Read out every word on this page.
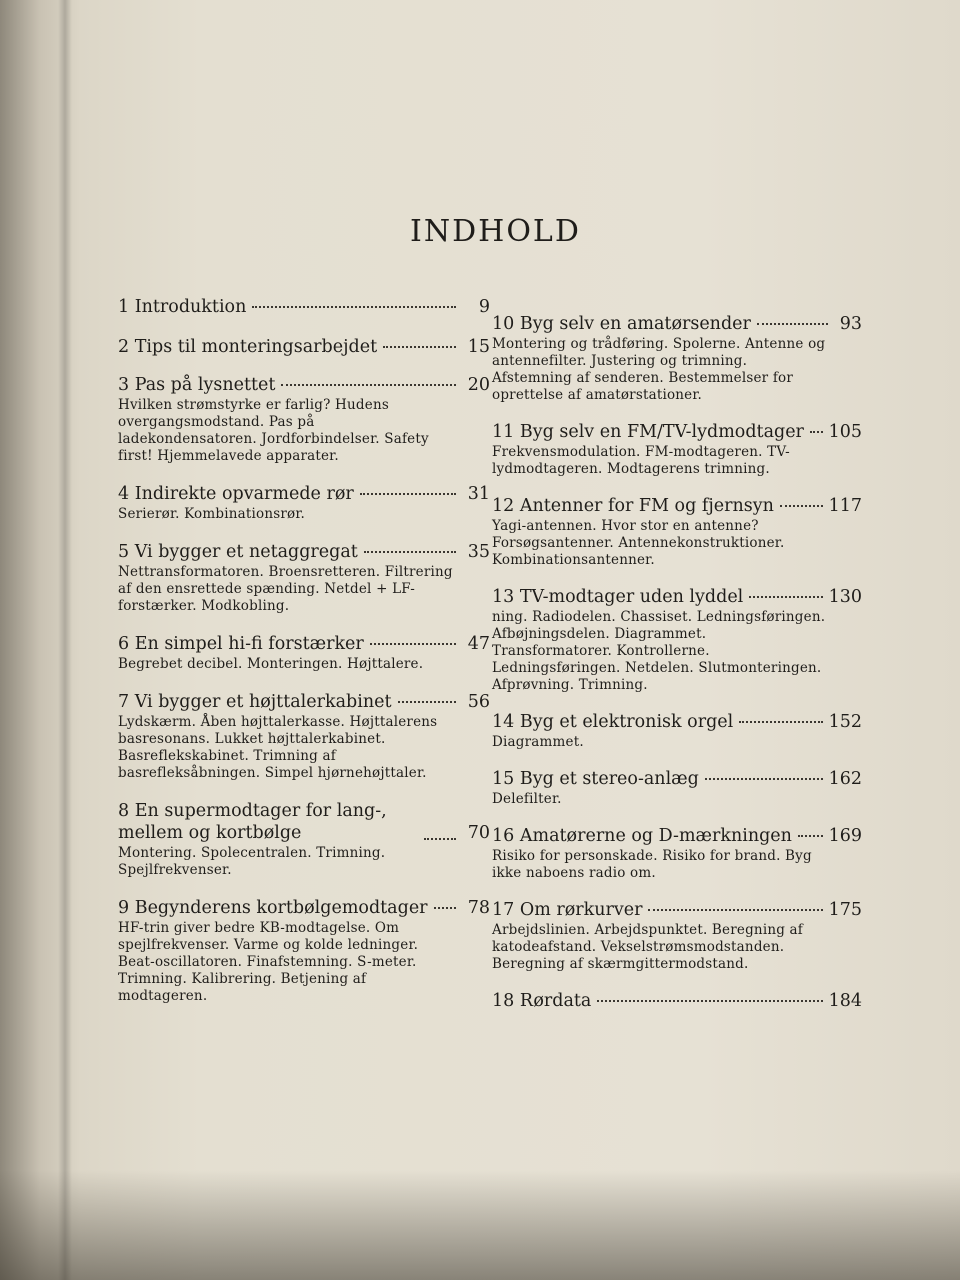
INDHOLD
1 Introduktion	9
2 Tips til monteringsarbejdet	15
3 Pas på lysnettet	20
Hvilken strømstyrke er farlig? Hudens overgangsmodstand. Pas på ladekondensatoren. Jordforbindelser. Safety first! Hjemmelavede apparater.
4 Indirekte opvarmede rør	31
Serierør. Kombinationsrør.
5 Vi bygger et netaggregat	35
Nettransformatoren. Broensretteren. Filtrering af den ensrettede spænding. Netdel + LF-forstærker. Modkobling.
6 En simpel hi-fi forstærker	47
Begrebet decibel. Monteringen. Højttalere.
7 Vi bygger et højttalerkabinet	56
Lydskærm. Åben højttalerkasse. Højttalerens basresonans. Lukket højttalerkabinet. Basreflekskabinet. Trimning af basrefleksåbningen. Simpel hjørnehøjttaler.
8 En supermodtager for lang-, mellem og kortbølge	70
Montering. Spolecentralen. Trimning. Spejlfrekvenser.
9 Begynderens kortbølgemodtager	78
HF-trin giver bedre KB-modtagelse. Om spejlfrekvenser. Varme og kolde ledninger. Beat-oscillatoren. Finafstemning. S-meter. Trimning. Kalibrering. Betjening af modtageren.
10 Byg selv en amatørsender	93
Montering og trådføring. Spolerne. Antenne og antennefilter. Justering og trimning. Afstemning af senderen. Bestemmelser for oprettelse af amatørstationer.
11 Byg selv en FM/TV-lydmodtager 105
Frekvensmodulation. FM-modtageren. TV-lydmodtageren. Modtagerens trimning.
12 Antenner for FM og fjernsyn	117
Yagi-antennen. Hvor stor en antenne? Forsøgsantenner. Antennekonstruktioner. Kombinationsantenner.
13 TV-modtager uden lyddel	130
ning. Radiodelen. Chassiset. Ledningsføringen. Afbøjningsdelen. Diagrammet. Transformatorer. Kontrollerne. Ledningsføringen. Netdelen. Slutmonteringen. Afprøvning. Trimning.
14 Byg et elektronisk orgel	152
Diagrammet.
15 Byg et stereo-anlæg	162
Delefilter.
16 Amatørerne og D-mærkningen 169
Risiko for personskade. Risiko for brand. Byg ikke naboens radio om.
17 Om rørkurver	175
Arbejdslinien. Arbejdspunktet. Beregning af katodeafstand. Vekselstrømsmodstanden. Beregning af skærmgittermodstand.
18 Rørdata	184
